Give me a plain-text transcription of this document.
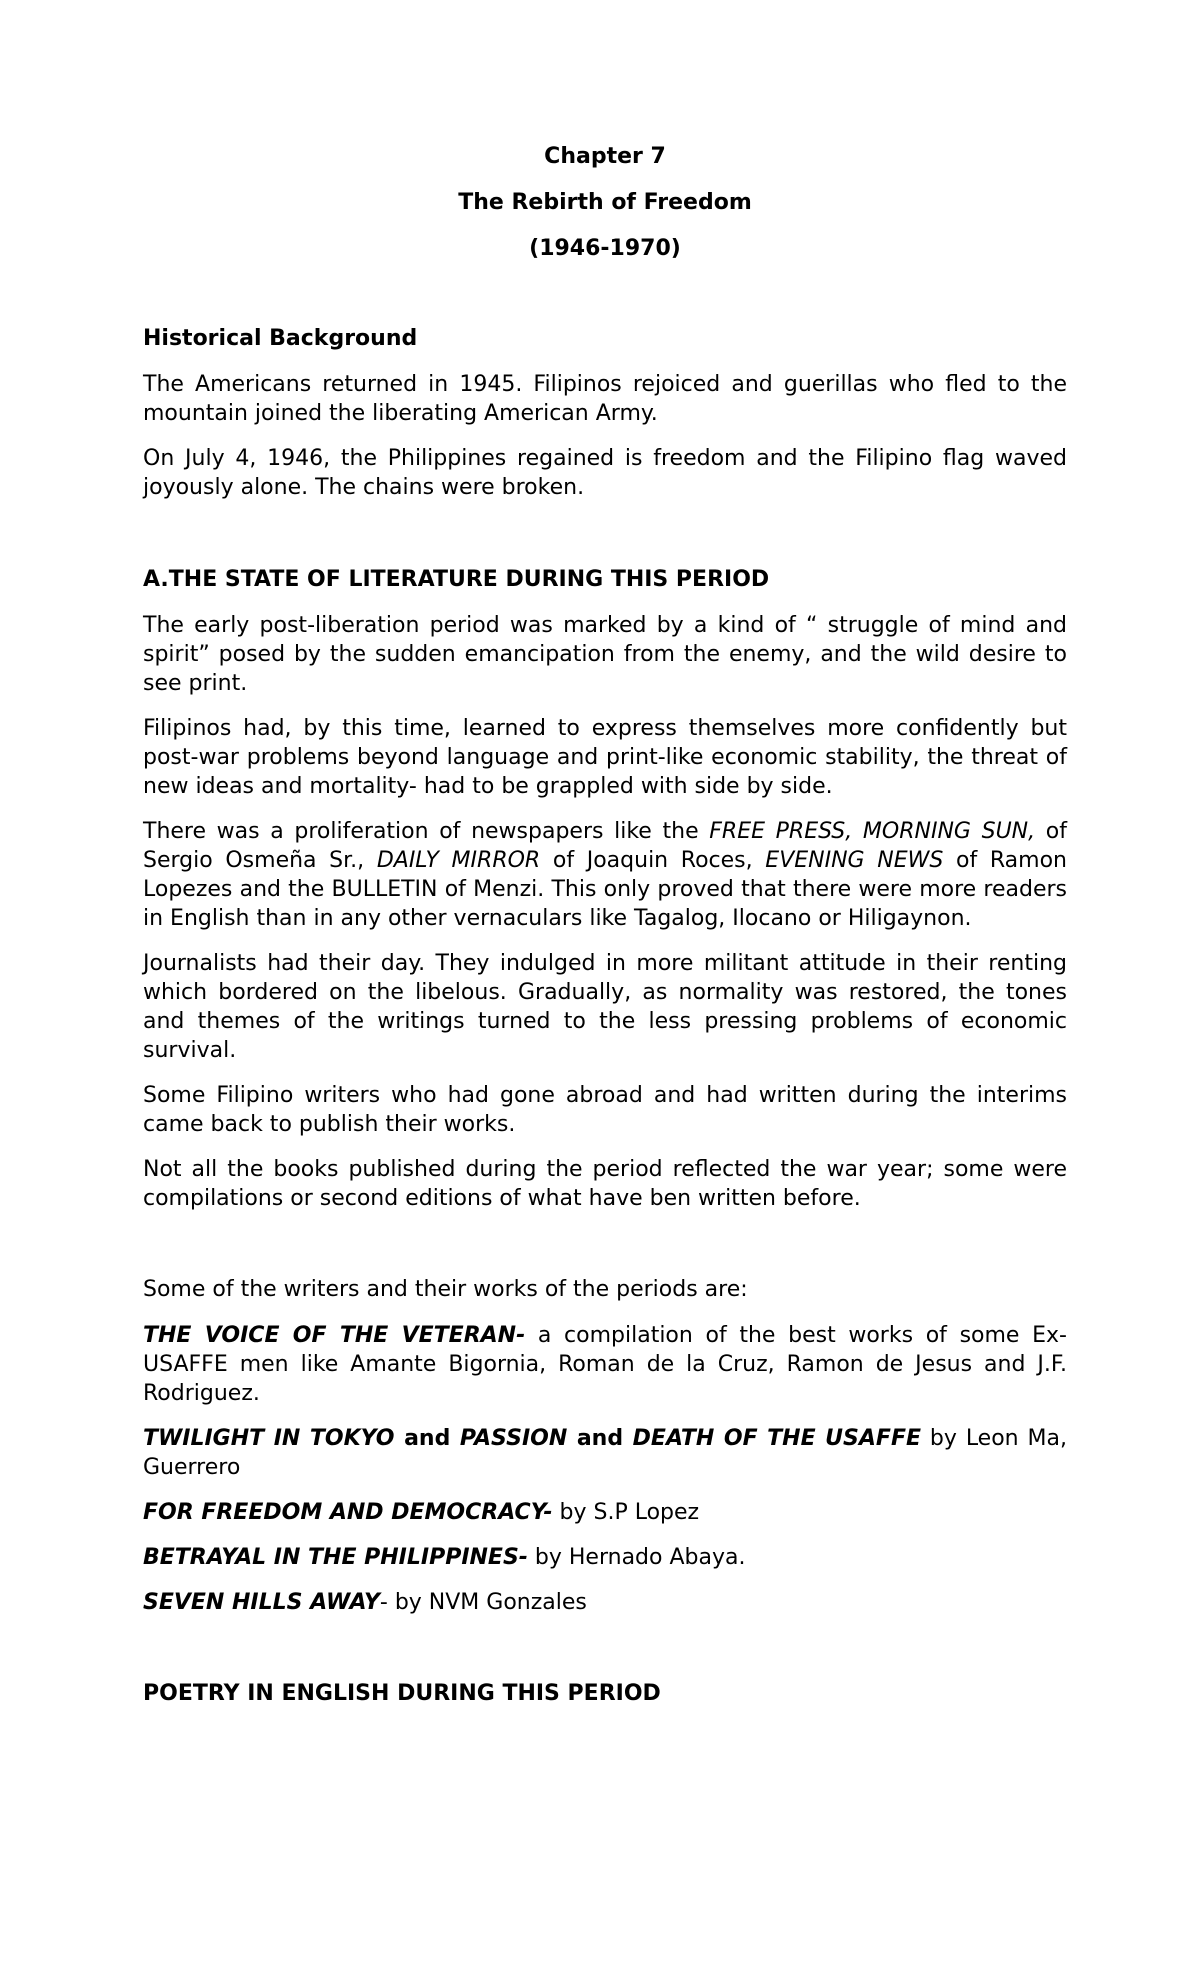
Chapter 7
The Rebirth of Freedom
(1946-1970)
Historical Background

The Americans returned in 1945. Filipinos rejoiced and guerillas who fled to the mountain joined the liberating American Army.

On July 4, 1946, the Philippines regained is freedom and the Filipino flag waved joyously alone. The chains were broken.

A.THE STATE OF LITERATURE DURING THIS PERIOD

The early post-liberation period was marked by a kind of “ struggle of mind and spirit” posed by the sudden emancipation from the enemy, and the wild desire to see print.

Filipinos had, by this time, learned to express themselves more confidently but post-war problems beyond language and print-like economic stability, the threat of new ideas and mortality- had to be grappled with side by side.

There was a proliferation of newspapers like the FREE PRESS, MORNING SUN, of Sergio Osmeña Sr., DAILY MIRROR of Joaquin Roces, EVENING NEWS of Ramon Lopezes and the BULLETIN of Menzi. This only proved that there were more readers in English than in any other vernaculars like Tagalog, Ilocano or Hiligaynon.

Journalists had their day. They indulged in more militant attitude in their renting which bordered on the libelous. Gradually, as normality was restored, the tones and themes of the writings turned to the less pressing problems of economic survival.

Some Filipino writers who had gone abroad and had written during the interims came back to publish their works.

Not all the books published during the period reflected the war year; some were compilations or second editions of what have ben written before.

Some of the writers and their works of the periods are:

THE VOICE OF THE VETERAN- a compilation of the best works of some Ex-USAFFE men like Amante Bigornia, Roman de la Cruz, Ramon de Jesus and J.F. Rodriguez.

TWILIGHT IN TOKYO and PASSION and DEATH OF THE USAFFE by Leon Ma, Guerrero

FOR FREEDOM AND DEMOCRACY- by S.P Lopez

BETRAYAL IN THE PHILIPPINES- by Hernado Abaya.

SEVEN HILLS AWAY- by NVM Gonzales

POETRY IN ENGLISH DURING THIS PERIOD
